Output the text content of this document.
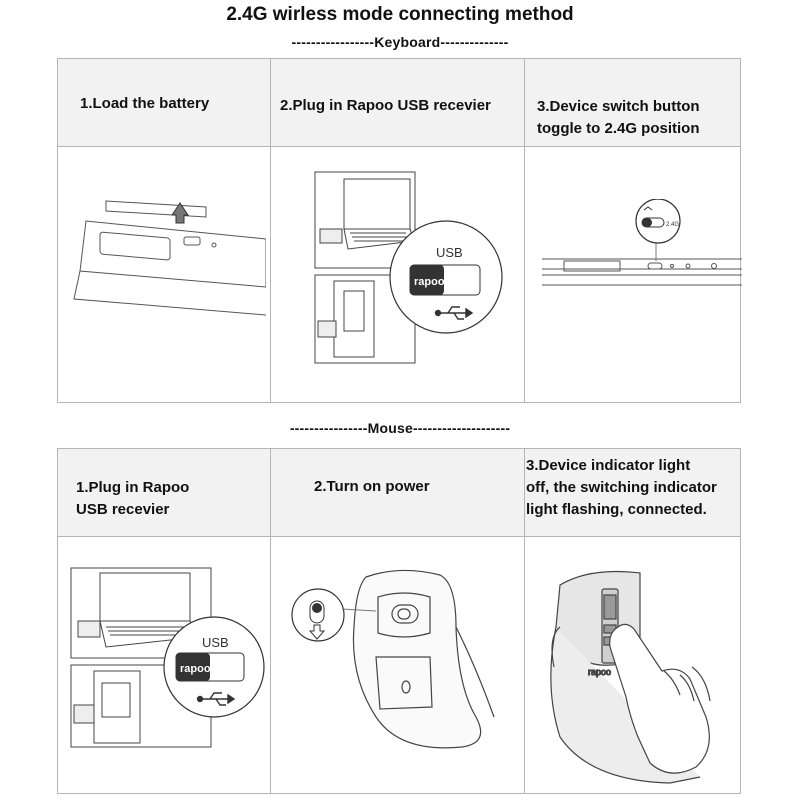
2.4G wirless mode connecting method
-----------------Keyboard--------------
1.Load the battery	2.Plug in Rapoo USB recevier	3.Device switch button
toggle to 2.4G position
USB
rapoo
2.4G
----------------Mouse--------------------
1.Plug in Rapoo
USB recevier
2.Turn on power
3.Device indicator light
off, the switching indicator
light flashing, connected.
USB
rapoo	rapoo
